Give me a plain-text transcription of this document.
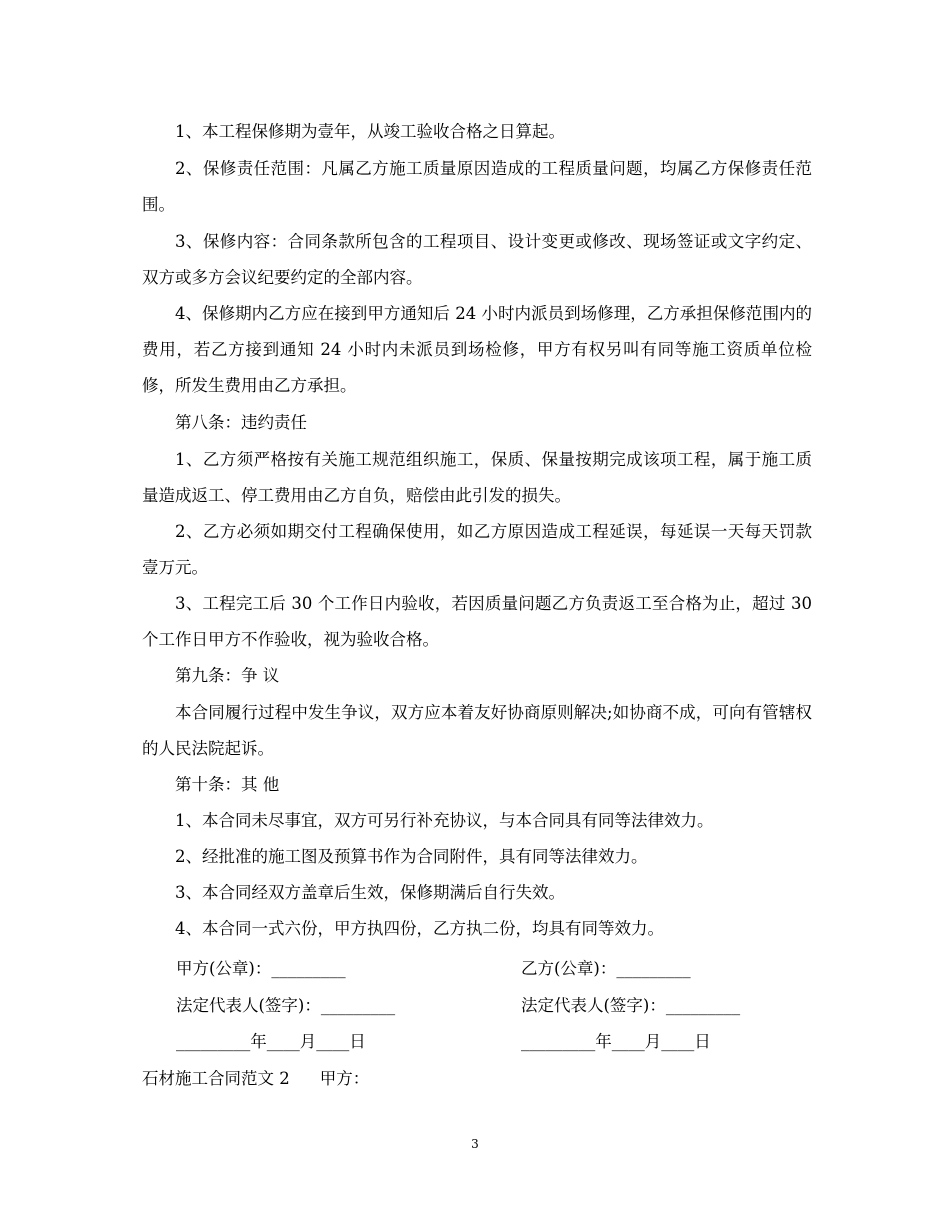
1、本工程保修期为壹年，从竣工验收合格之日算起。
2、保修责任范围：凡属乙方施工质量原因造成的工程质量问题，均属乙方保修责任范围。
3、保修内容：合同条款所包含的工程项目、设计变更或修改、现场签证或文字约定、双方或多方会议纪要约定的全部内容。
4、保修期内乙方应在接到甲方通知后 24 小时内派员到场修理，乙方承担保修范围内的费用，若乙方接到通知 24 小时内未派员到场检修，甲方有权另叫有同等施工资质单位检修，所发生费用由乙方承担。
第八条：违约责任
1、乙方须严格按有关施工规范组织施工，保质、保量按期完成该项工程，属于施工质量造成返工、停工费用由乙方自负，赔偿由此引发的损失。
2、乙方必须如期交付工程确保使用，如乙方原因造成工程延误，每延误一天每天罚款壹万元。
3、工程完工后 30 个工作日内验收，若因质量问题乙方负责返工至合格为止，超过 30 个工作日甲方不作验收，视为验收合格。
第九条：争 议
本合同履行过程中发生争议，双方应本着友好协商原则解决;如协商不成，可向有管辖权的人民法院起诉。
第十条：其 他
1、本合同未尽事宜，双方可另行补充协议，与本合同具有同等法律效力。
2、经批准的施工图及预算书作为合同附件，具有同等法律效力。
3、本合同经双方盖章后生效，保修期满后自行失效。
4、本合同一式六份，甲方执四份，乙方执二份，均具有同等效力。
甲方(公章)：_________	乙方(公章)：_________
法定代表人(签字)：_________	法定代表人(签字)：_________
_________年____月____日	_________年____月____日
石材施工合同范文 2 甲方：
3
